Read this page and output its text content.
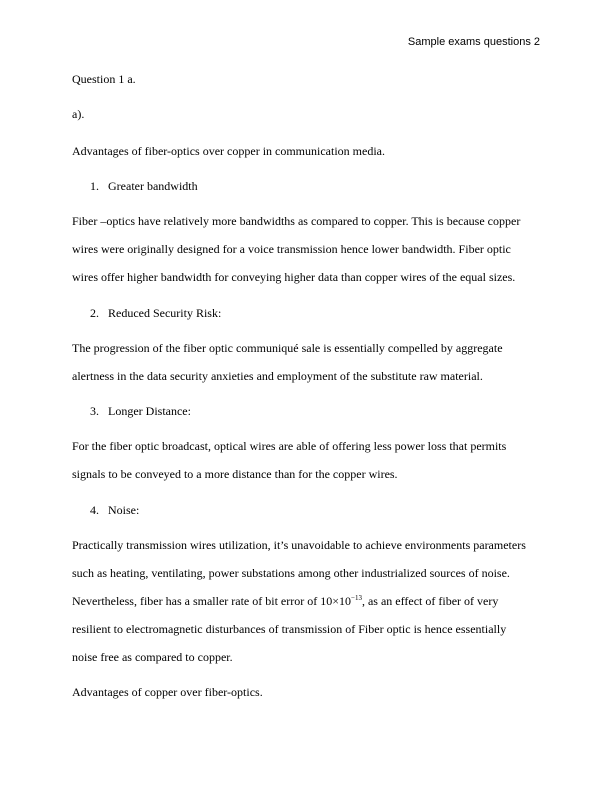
Sample exams questions 2
Question 1 a.
a).
Advantages of fiber-optics over copper in communication media.
1. Greater bandwidth
Fiber –optics have relatively more bandwidths as compared to copper. This is because copper
wires were originally designed for a voice transmission hence lower bandwidth. Fiber optic
wires offer higher bandwidth for conveying higher data than copper wires of the equal sizes.
2. Reduced Security Risk:
The progression of the fiber optic communiqué sale is essentially compelled by aggregate
alertness in the data security anxieties and employment of the substitute raw material.
3. Longer Distance:
For the fiber optic broadcast, optical wires are able of offering less power loss that permits
signals to be conveyed to a more distance than for the copper wires.
4. Noise:
Practically transmission wires utilization, it’s unavoidable to achieve environments parameters
such as heating, ventilating, power substations among other industrialized sources of noise.
Nevertheless, fiber has a smaller rate of bit error of $10\times 10^{-13}$, as an effect of fiber of very
resilient to electromagnetic disturbances of transmission of Fiber optic is hence essentially
noise free as compared to copper.
Advantages of copper over fiber-optics.
